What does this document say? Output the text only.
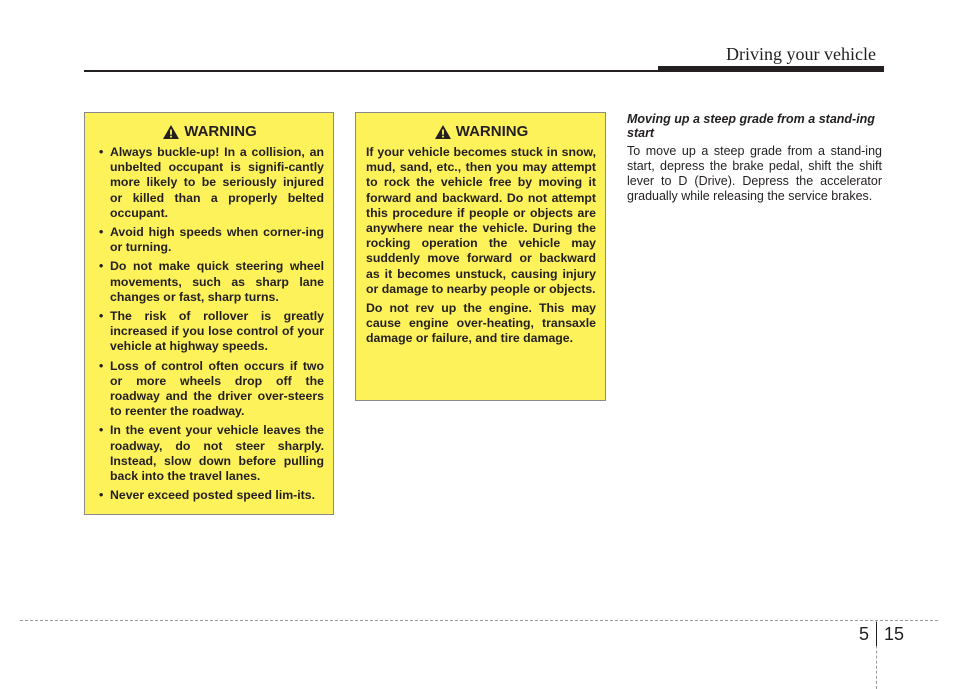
Driving your vehicle
WARNING
• Always buckle-up! In a collision, an unbelted occupant is signifi-cantly more likely to be seriously injured or killed than a properly belted occupant.
• Avoid high speeds when corner-ing or turning.
• Do not make quick steering wheel movements, such as sharp lane changes or fast, sharp turns.
• The risk of rollover is greatly increased if you lose control of your vehicle at highway speeds.
• Loss of control often occurs if two or more wheels drop off the roadway and the driver over-steers to reenter the roadway.
• In the event your vehicle leaves the roadway, do not steer sharply. Instead, slow down before pulling back into the travel lanes.
• Never exceed posted speed lim-its.
WARNING

If your vehicle becomes stuck in snow, mud, sand, etc., then you may attempt to rock the vehicle free by moving it forward and backward. Do not attempt this procedure if people or objects are anywhere near the vehicle. During the rocking operation the vehicle may suddenly move forward or backward as it becomes unstuck, causing injury or damage to nearby people or objects.

Do not rev up the engine. This may cause engine over-heating, transaxle damage or failure, and tire damage.

Moving up a steep grade from a stand-ing start

To move up a steep grade from a stand-ing start, depress the brake pedal, shift the shift lever to D (Drive). Depress the accelerator gradually while releasing the service brakes.

5 15
